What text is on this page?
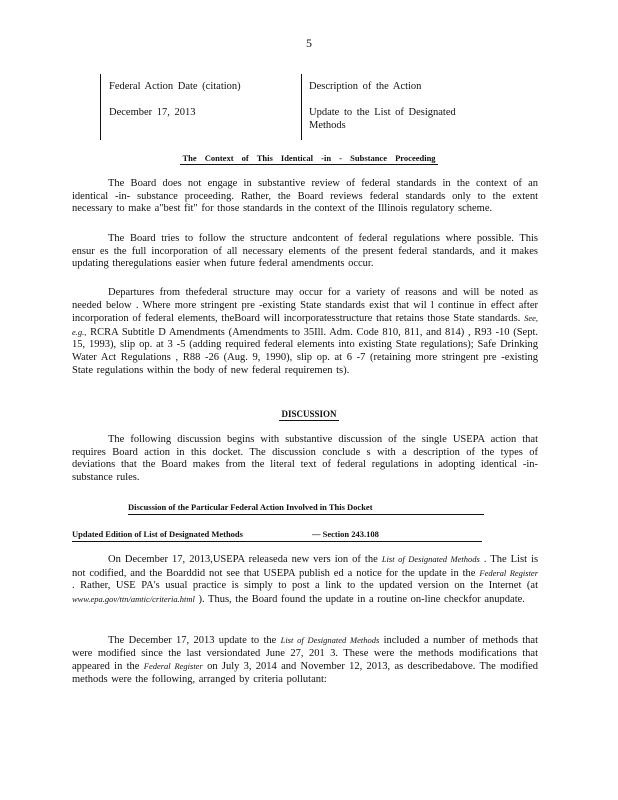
5
Federal Action Date (citation)	Description of the Action
December 17, 2013	Update to the List of Designated Methods
The Context of This Identical -in - Substance Proceeding
The Board does not engage in substantive review of federal standards in the context of an identical -in- substance proceeding. Rather, the Board reviews federal standards only to the extent necessary to make a"best fit" for those standards in the context of the Illinois regulatory scheme.
The Board tries to follow the structure andcontent of federal regulations where possible. This ensur es the full incorporation of all necessary elements of the present federal standards, and it makes updating theregulations easier when future federal amendments occur.
Departures from thefederal structure may occur for a variety of reasons and will be noted as needed below . Where more stringent pre -existing State standards exist that wil l continue in effect after incorporation of federal elements, theBoard will incorporatesstructure that retains those State standards. See, e.g., RCRA Subtitle D Amendments (Amendments to 35Ill. Adm. Code 810, 811, and 814) , R93 -10 (Sept. 15, 1993), slip op. at 3 -5 (adding required federal elements into existing State regulations); Safe Drinking Water Act Regulations , R88 -26 (Aug. 9, 1990), slip op. at 6 -7 (retaining more stringent pre -existing State regulations within the body of new federal requiremen ts).
DISCUSSION
The following discussion begins with substantive discussion of the single USEPA action that requires Board action in this docket. The discussion conclude s with a description of the types of deviations that the Board makes from the literal text of federal regulations in adopting identical -in- substance rules.
Discussion of the Particular Federal Action Involved in This Docket
Updated Edition of List of Designated Methods	— Section 243.108
On December 17, 2013,USEPA releaseda new vers ion of the List of Designated Methods . The List is not codified, and the Boarddid not see that USEPA publish ed a notice for the update in the Federal Register . Rather, USE PA's usual practice is simply to post a link to the updated version on the Internet (at www.epa.gov/ttn/amtic/criteria.html ). Thus, the Board found the update in a routine on-line checkfor anupdate.
The December 17, 2013 update to the List of Designated Methods included a number of methods that were modified since the last versiondated June 27, 201 3. These were the methods modifications that appeared in the Federal Register on July 3, 2014 and November 12, 2013, as describedabove. The modified methods were the following, arranged by criteria pollutant:
